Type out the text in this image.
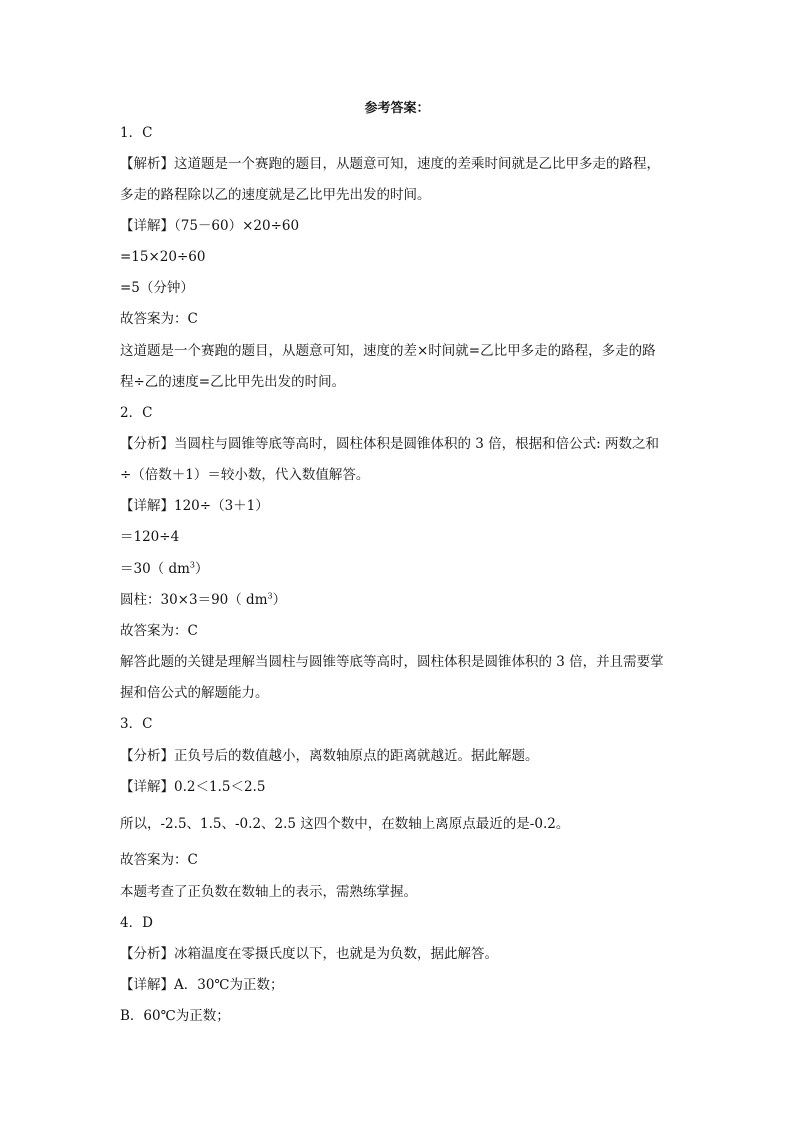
参考答案：
1．C
【解析】这道题是一个赛跑的题目，从题意可知，速度的差乘时间就是乙比甲多走的路程，
多走的路程除以乙的速度就是乙比甲先出发的时间。
【详解】（75－60）×20÷60
=15×20÷60
=5（分钟）
故答案为：C
这道题是一个赛跑的题目，从题意可知，速度的差×时间就=乙比甲多走的路程，多走的路
程÷乙的速度=乙比甲先出发的时间。
2．C
【分析】当圆柱与圆锥等底等高时，圆柱体积是圆锥体积的 3 倍，根据和倍公式: 两数之和
÷（倍数＋1）＝较小数，代入数值解答。
【详解】120÷（3＋1）
＝120÷4
＝30（ $dm^3$）
圆柱：30×3＝90（ $dm^3$）
故答案为：C
解答此题的关键是理解当圆柱与圆锥等底等高时，圆柱体积是圆锥体积的 3 倍，并且需要掌
握和倍公式的解题能力。
3．C
【分析】正负号后的数值越小，离数轴原点的距离就越近。据此解题。
【详解】0.2＜1.5＜2.5
所以，-2.5、1.5、-0.2、2.5 这四个数中，在数轴上离原点最近的是-0.2。
故答案为：C
本题考查了正负数在数轴上的表示，需熟练掌握。
4．D
【分析】冰箱温度在零摄氏度以下，也就是为负数，据此解答。
【详解】A．30℃为正数；
B．60℃为正数；
